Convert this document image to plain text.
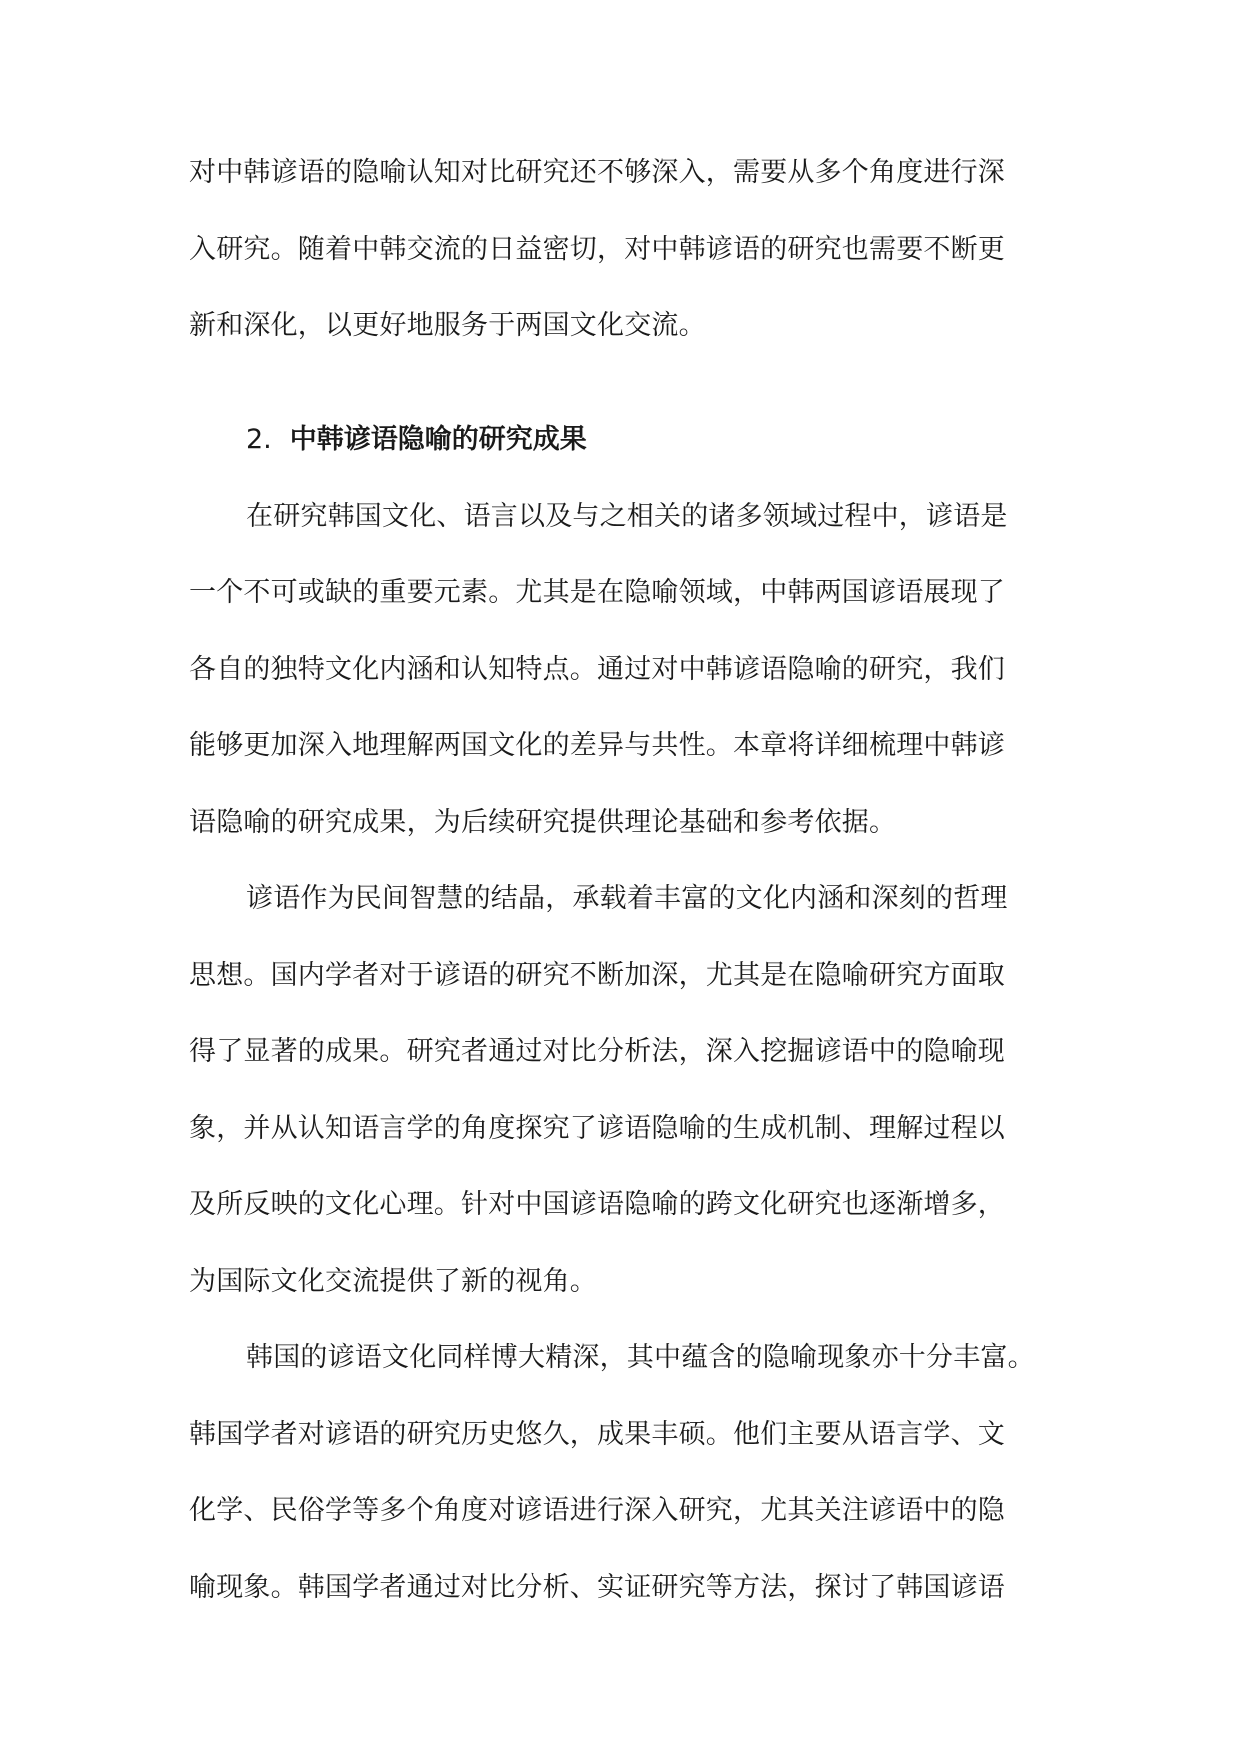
对中韩谚语的隐喻认知对比研究还不够深入，需要从多个角度进行深
入研究。随着中韩交流的日益密切，对中韩谚语的研究也需要不断更
新和深化，以更好地服务于两国文化交流。
2. 中韩谚语隐喻的研究成果
在研究韩国文化、语言以及与之相关的诸多领域过程中，谚语是
一个不可或缺的重要元素。尤其是在隐喻领域，中韩两国谚语展现了
各自的独特文化内涵和认知特点。通过对中韩谚语隐喻的研究，我们
能够更加深入地理解两国文化的差异与共性。本章将详细梳理中韩谚
语隐喻的研究成果，为后续研究提供理论基础和参考依据。
谚语作为民间智慧的结晶，承载着丰富的文化内涵和深刻的哲理
思想。国内学者对于谚语的研究不断加深，尤其是在隐喻研究方面取
得了显著的成果。研究者通过对比分析法，深入挖掘谚语中的隐喻现
象，并从认知语言学的角度探究了谚语隐喻的生成机制、理解过程以
及所反映的文化心理。针对中国谚语隐喻的跨文化研究也逐渐增多，
为国际文化交流提供了新的视角。
韩国的谚语文化同样博大精深，其中蕴含的隐喻现象亦十分丰富。
韩国学者对谚语的研究历史悠久，成果丰硕。他们主要从语言学、文
化学、民俗学等多个角度对谚语进行深入研究，尤其关注谚语中的隐
喻现象。韩国学者通过对比分析、实证研究等方法，探讨了韩国谚语
